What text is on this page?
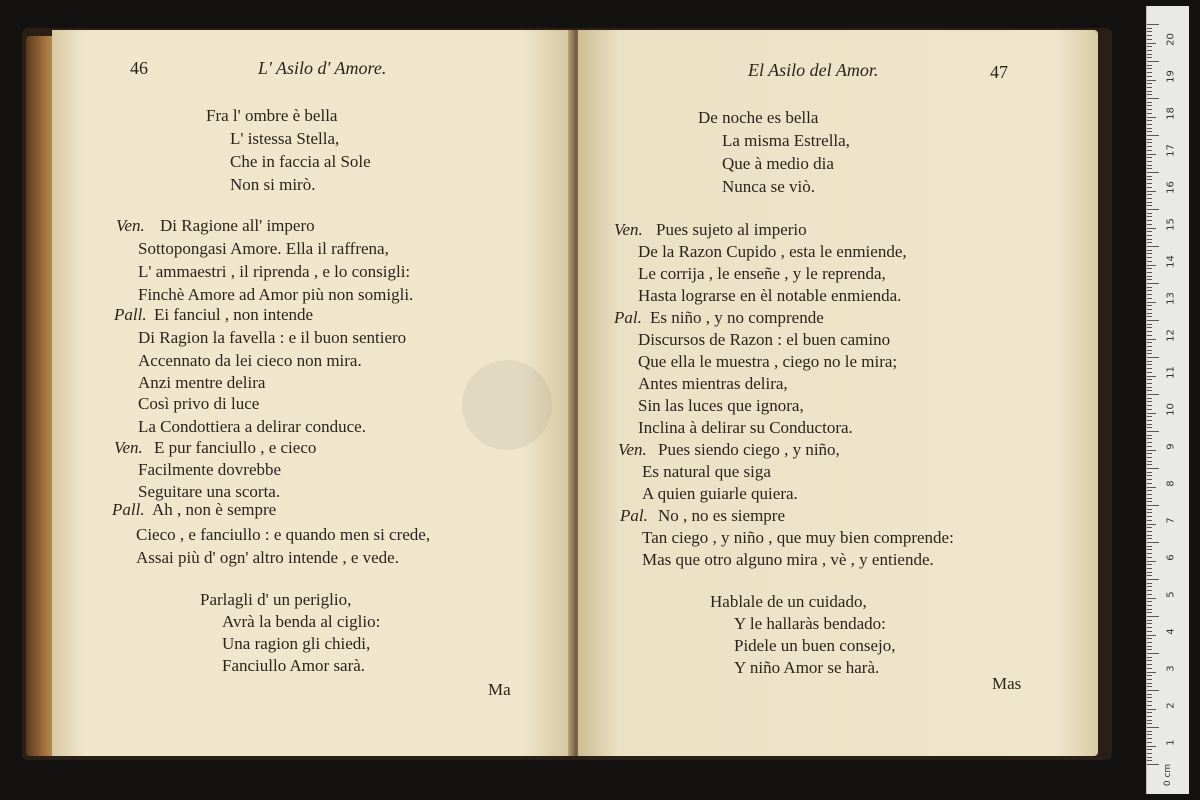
46	L' Asilo d' Amore.
Fra l' ombre è bella
L' istessa Stella,
Che in faccia al Sole
Non si mirò.
Ven. Di Ragione all' impero
Sottopongasi Amore. Ella il raffrena,
L' ammaestri , il riprenda , e lo consigli:
Finchè Amore ad Amor più non somigli.
Pall. Ei fanciul , non intende
Di Ragion la favella : e il buon sentiero
Accennato da lei cieco non mira.
Anzi mentre delira
Così privo di luce
La Condottiera a delirar conduce.
Ven. E pur fanciullo , e cieco
Facilmente dovrebbe
Seguitare una scorta.
Pall. Ah , non è sempre
Cieco , e fanciullo : e quando men si crede,
Assai più d' ogn' altro intende , e vede.
Parlagli d' un periglio,
Avrà la benda al ciglio:
Una ragion gli chiedi,
Fanciullo Amor sarà.
Ma
El Asilo del Amor.	47
De noche es bella
La misma Estrella,
Que à medio dia
Nunca se viò.
Ven. Pues sujeto al imperio
De la Razon Cupido , esta le enmiende,
Le corrija , le enseñe , y le reprenda,
Hasta lograrse en èl notable enmienda.
Pal. Es niño , y no comprende
Discursos de Razon : el buen camino
Que ella le muestra , ciego no le mira;
Antes mientras delira,
Sin las luces que ignora,
Inclina à delirar su Conductora.
Ven. Pues siendo ciego , y niño,
Es natural que siga
A quien guiarle quiera.
Pal. No , no es siempre
Tan ciego , y niño , que muy bien comprende:
Mas que otro alguno mira , vè , y entiende.
Hablale de un cuidado,
Y le hallaràs bendado:
Pidele un buen consejo,
Y niño Amor se harà.
Mas
0 cm
20
19
18
17
16
15
14
13
12
11
10
9
8
7
6
5
4
3
2
1
